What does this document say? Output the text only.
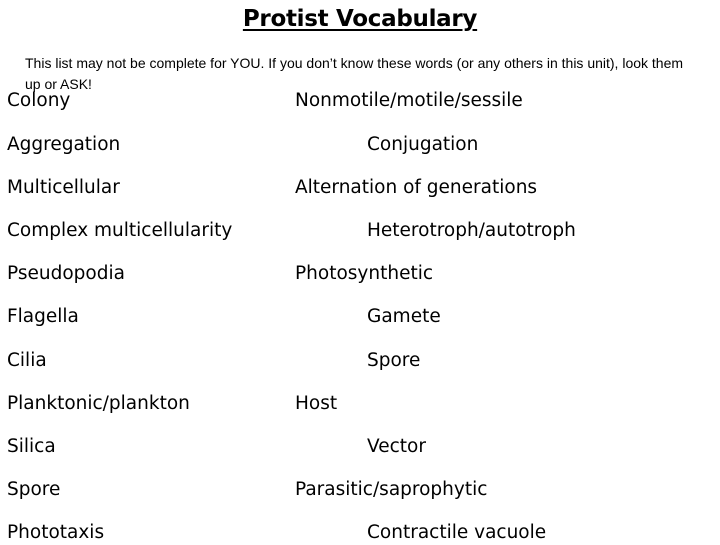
Protist Vocabulary

This list may not be complete for YOU. If you don’t know these words (or any others in this unit), look them up or ASK!

Colony

Aggregation

Multicellular

Complex multicellularity

Pseudopodia

Flagella

Cilia

Planktonic/plankton

Silica

Spore

Phototaxis

Nonmotile/motile/sessile

Conjugation

Alternation of generations

Heterotroph/autotroph

Photosynthetic

Gamete

Spore

Host

Vector

Parasitic/saprophytic

Contractile vacuole
